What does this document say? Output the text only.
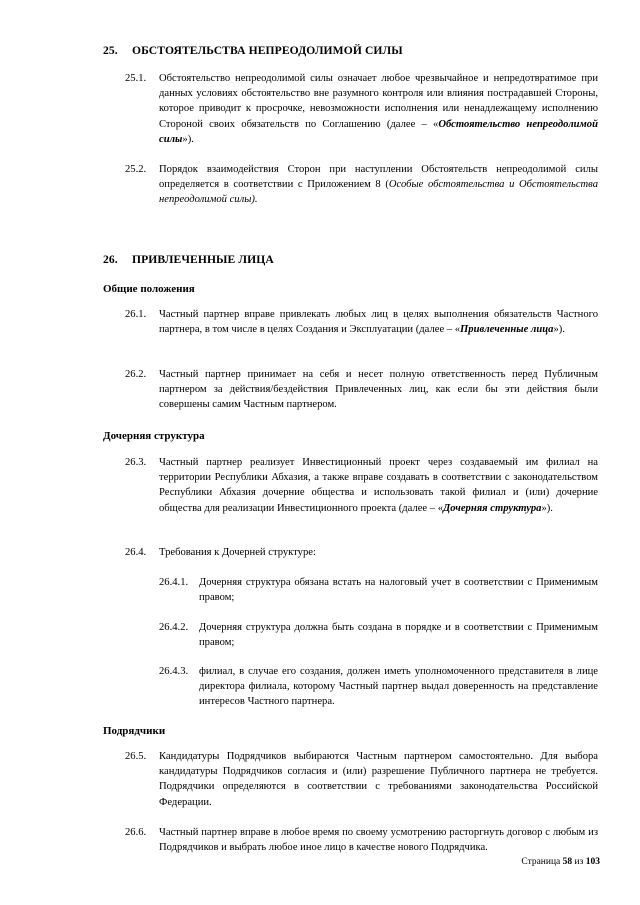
25. ОБСТОЯТЕЛЬСТВА НЕПРЕОДОЛИМОЙ СИЛЫ
25.1.	Обстоятельство непреодолимой силы означает любое чрезвычайное и непредотвратимое при данных условиях обстоятельство вне разумного контроля или влияния пострадавшей Стороны, которое приводит к просрочке, невозможности исполнения или ненадлежащему исполнению Стороной своих обязательств по Соглашению (далее – «Обстоятельство непреодолимой силы»).
25.2.	Порядок взаимодействия Сторон при наступлении Обстоятельств непреодолимой силы определяется в соответствии с Приложением 8 (Особые обстоятельства и Обстоятельства непреодолимой силы).
26. ПРИВЛЕЧЕННЫЕ ЛИЦА
Общие положения
26.1.	Частный партнер вправе привлекать любых лиц в целях выполнения обязательств Частного партнера, в том числе в целях Создания и Эксплуатации (далее – «Привлеченные лица»).
26.2.	Частный партнер принимает на себя и несет полную ответственность перед Публичным партнером за действия/бездействия Привлеченных лиц, как если бы эти действия были совершены самим Частным партнером.
Дочерняя структура
26.3.	Частный партнер реализует Инвестиционный проект через создаваемый им филиал на территории Республики Абхазия, а также вправе создавать в соответствии с законодательством Республики Абхазия дочерние общества и использовать такой филиал и (или) дочерние общества для реализации Инвестиционного проекта (далее – «Дочерняя структура»).
26.4.	Требования к Дочерней структуре:
26.4.1.	Дочерняя структура обязана встать на налоговый учет в соответствии с Применимым правом;
26.4.2.	Дочерняя структура должна быть создана в порядке и в соответствии с Применимым правом;
26.4.3.	филиал, в случае его создания, должен иметь уполномоченного представителя в лице директора филиала, которому Частный партнер выдал доверенность на представление интересов Частного партнера.
Подрядчики
26.5.	Кандидатуры Подрядчиков выбираются Частным партнером самостоятельно. Для выбора кандидатуры Подрядчиков согласия и (или) разрешение Публичного партнера не требуется. Подрядчики определяются в соответствии с требованиями законодательства Российской Федерации.
26.6.	Частный партнер вправе в любое время по своему усмотрению расторгнуть договор с любым из Подрядчиков и выбрать любое иное лицо в качестве нового Подрядчика.
Страница 58 из 103
